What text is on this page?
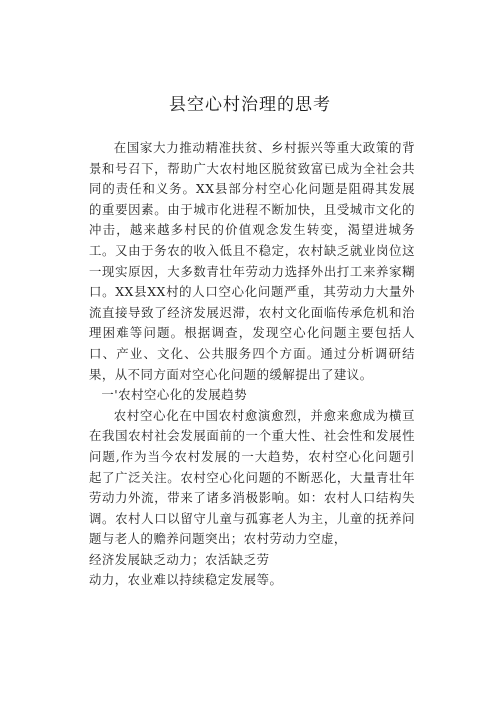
县空心村治理的思考

在国家大力推动精准扶贫、乡村振兴等重大政策的背景和号召下，帮助广大农村地区脱贫致富已成为全社会共同的责任和义务。XX县部分村空心化问题是阻碍其发展的重要因素。由于城市化进程不断加快，且受城市文化的冲击，越来越多村民的价值观念发生转变，渴望进城务工。又由于务农的收入低且不稳定，农村缺乏就业岗位这一现实原因，大多数青壮年劳动力选择外出打工来养家糊口。XX县XX村的人口空心化问题严重，其劳动力大量外流直接导致了经济发展迟滞，农村文化面临传承危机和治理困难等问题。根据调查，发现空心化问题主要包括人口、产业、文化、公共服务四个方面。通过分析调研结果，从不同方面对空心化问题的缓解提出了建议。

一'农村空心化的发展趋势

农村空心化在中国农村愈演愈烈，并愈来愈成为横亘在我国农村社会发展面前的一个重大性、社会性和发展性问题,作为当今农村发展的一大趋势，农村空心化问题引起了广泛关注。农村空心化问题的不断恶化，大量青壮年劳动力外流，带来了诸多消极影响。如：农村人口结构失调。农村人口以留守儿童与孤寡老人为主，儿童的抚养问题与老人的赡养问题突出；农村劳动力空虚，

经济发展缺乏动力；农活缺乏劳
动力，农业难以持续稳定发展等。
